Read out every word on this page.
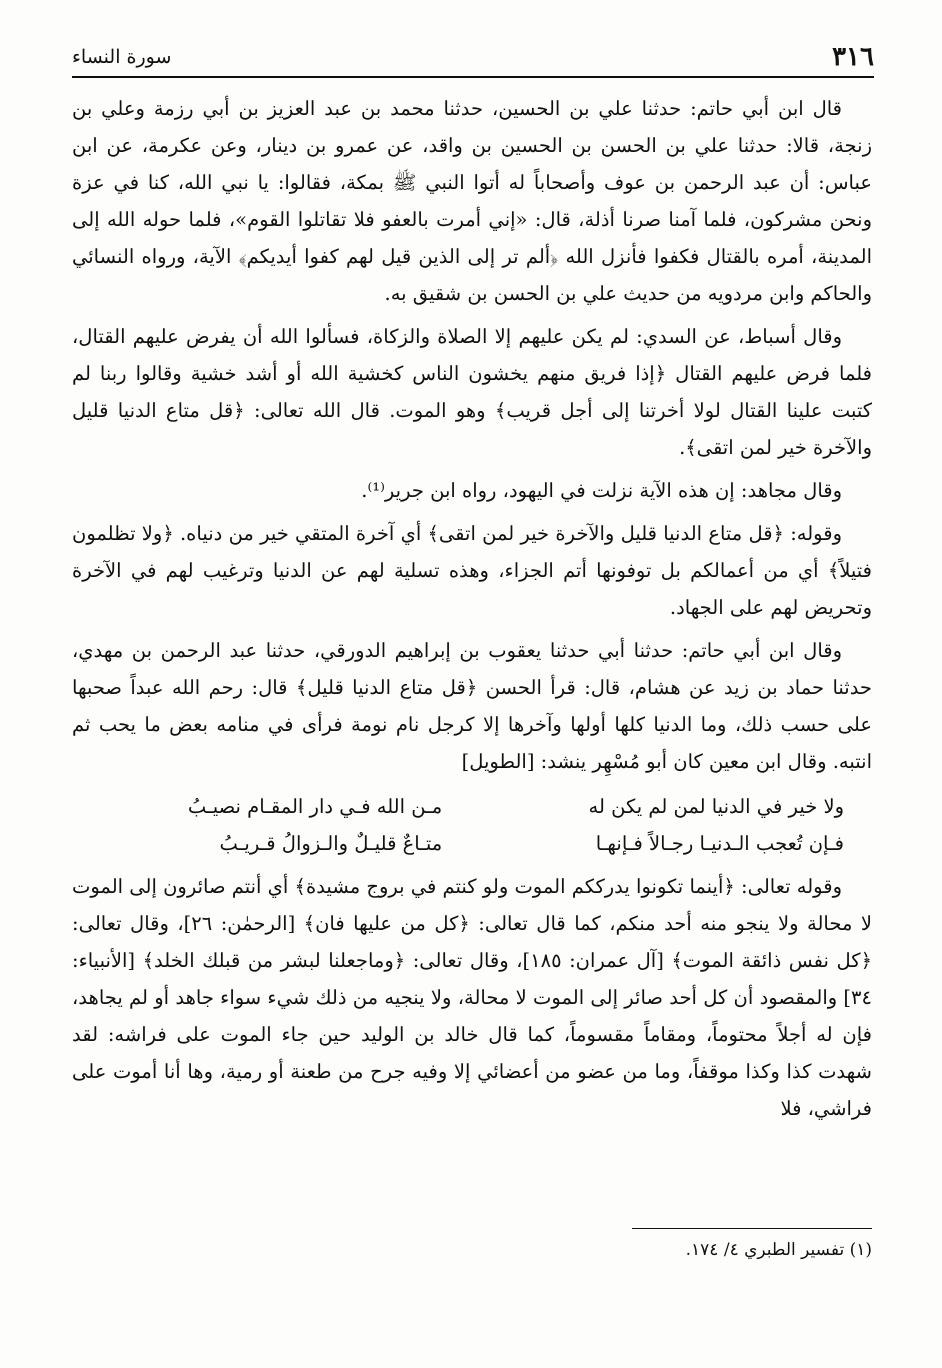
٣١٦
سورة النساء

قال ابن أبي حاتم: حدثنا علي بن الحسين، حدثنا محمد بن عبد العزيز بن أبي رزمة وعلي بن زنجة، قالا: حدثنا علي بن الحسن بن الحسين بن واقد، عن عمرو بن دينار، وعن عكرمة، عن ابن عباس: أن عبد الرحمن بن عوف وأصحاباً له أتوا النبي ﷺ بمكة، فقالوا: يا نبي الله، كنا في عزة ونحن مشركون، فلما آمنا صرنا أذلة، قال: «إني أمرت بالعفو فلا تقاتلوا القوم»، فلما حوله الله إلى المدينة، أمره بالقتال فكفوا فأنزل الله ﴿ألم تر إلى الذين قيل لهم كفوا أيديكم﴾ الآية، ورواه النسائي والحاكم وابن مردويه من حديث علي بن الحسن بن شقيق به.

وقال أسباط، عن السدي: لم يكن عليهم إلا الصلاة والزكاة، فسألوا الله أن يفرض عليهم القتال، فلما فرض عليهم القتال ﴿إذا فريق منهم يخشون الناس كخشية الله أو أشد خشية وقالوا ربنا لم كتبت علينا القتال لولا أخرتنا إلى أجل قريب﴾ وهو الموت. قال الله تعالى: ﴿قل متاع الدنيا قليل والآخرة خير لمن اتقى﴾.

وقال مجاهد: إن هذه الآية نزلت في اليهود، رواه ابن جرير⁽¹⁾.

وقوله: ﴿قل متاع الدنيا قليل والآخرة خير لمن اتقى﴾ أي آخرة المتقي خير من دنياه. ﴿ولا تظلمون فتيلاً﴾ أي من أعمالكم بل توفونها أتم الجزاء، وهذه تسلية لهم عن الدنيا وترغيب لهم في الآخرة وتحريض لهم على الجهاد.

وقال ابن أبي حاتم: حدثنا أبي حدثنا يعقوب بن إبراهيم الدورقي، حدثنا عبد الرحمن بن مهدي، حدثنا حماد بن زيد عن هشام، قال: قرأ الحسن ﴿قل متاع الدنيا قليل﴾ قال: رحم الله عبداً صحبها على حسب ذلك، وما الدنيا كلها أولها وآخرها إلا كرجل نام نومة فرأى في منامه بعض ما يحب ثم انتبه. وقال ابن معين كان أبو مُسْهِر ينشد: [الطويل]

ولا خير في الدنيا لمن لم يكن له
مـن الله فـي دار المقـام نصيـبُ
فـإن تُعجب الـدنيـا رجـالاً فـإنهـا
متـاعٌ قليـلٌ والـزوالُ قـريـبُ

وقوله تعالى: ﴿أينما تكونوا يدرككم الموت ولو كنتم في بروج مشيدة﴾ أي أنتم صائرون إلى الموت لا محالة ولا ينجو منه أحد منكم، كما قال تعالى: ﴿كل من عليها فان﴾ [الرحمٰن: ٢٦]، وقال تعالى: ﴿كل نفس ذائقة الموت﴾ [آل عمران: ١٨٥]، وقال تعالى: ﴿وماجعلنا لبشر من قبلك الخلد﴾ [الأنبياء: ٣٤] والمقصود أن كل أحد صائر إلى الموت لا محالة، ولا ينجيه من ذلك شيء سواء جاهد أو لم يجاهد، فإن له أجلاً محتوماً، ومقاماً مقسوماً، كما قال خالد بن الوليد حين جاء الموت على فراشه: لقد شهدت كذا وكذا موقفاً، وما من عضو من أعضائي إلا وفيه جرح من طعنة أو رمية، وها أنا أموت على فراشي، فلا

(١) تفسير الطبري ٤/ ١٧٤.
